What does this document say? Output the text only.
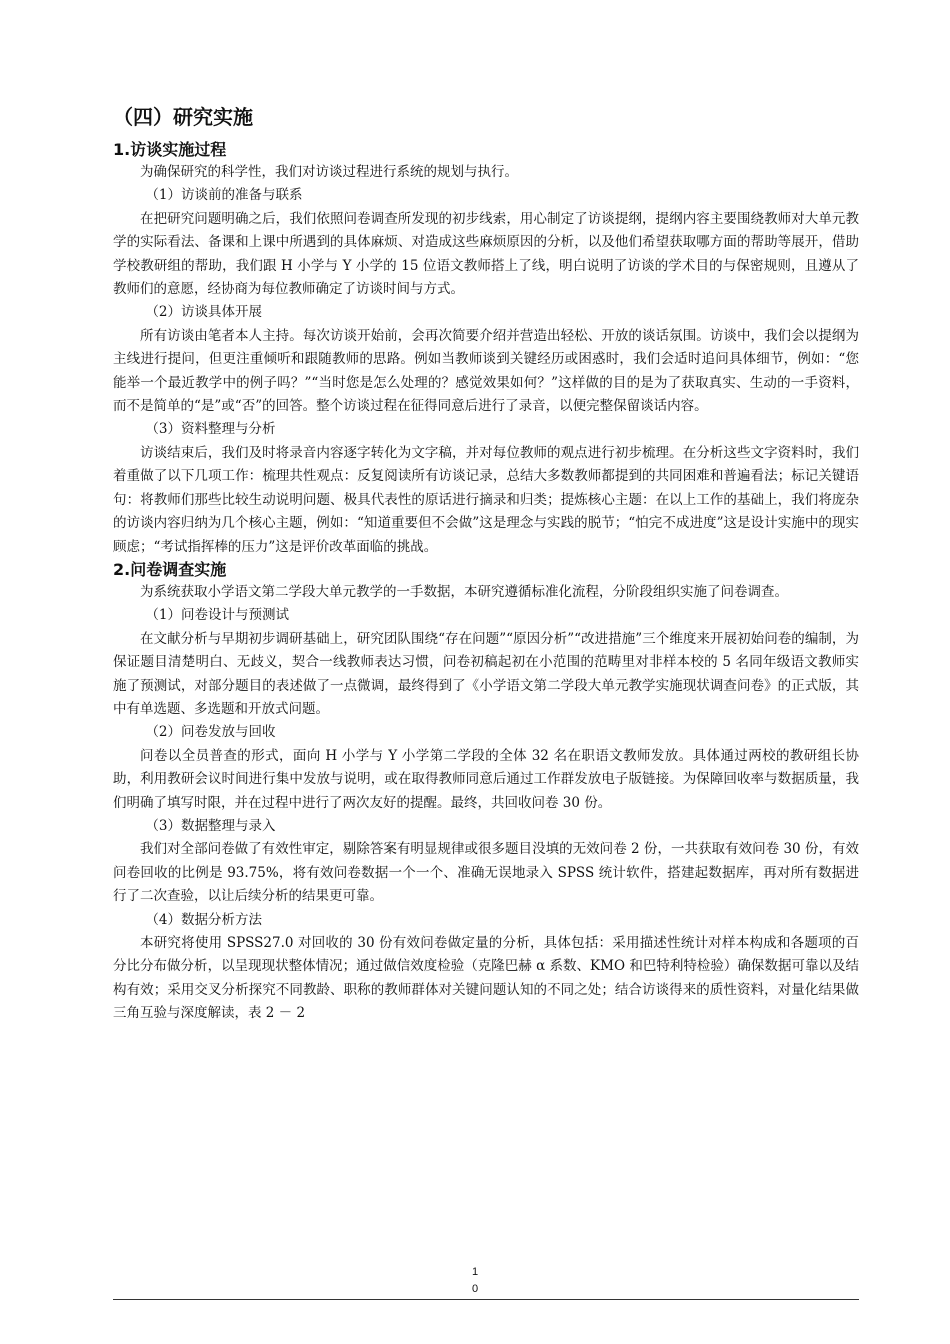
（四）研究实施
1.访谈实施过程

为确保研究的科学性，我们对访谈过程进行系统的规划与执行。

（1）访谈前的准备与联系

在把研究问题明确之后，我们依照问卷调查所发现的初步线索，用心制定了访谈提纲，提纲内容主要围绕教师对大单元教学的实际看法、备课和上课中所遇到的具体麻烦、对造成这些麻烦原因的分析，以及他们希望获取哪方面的帮助等展开，借助学校教研组的帮助，我们跟 H 小学与 Y 小学的 15 位语文教师搭上了线，明白说明了访谈的学术目的与保密规则，且遵从了教师们的意愿，经协商为每位教师确定了访谈时间与方式。

（2）访谈具体开展

所有访谈由笔者本人主持。每次访谈开始前，会再次简要介绍并营造出轻松、开放的谈话氛围。访谈中，我们会以提纲为主线进行提问，但更注重倾听和跟随教师的思路。例如当教师谈到关键经历或困惑时，我们会适时追问具体细节，例如：“您能举一个最近教学中的例子吗？”“当时您是怎么处理的？感觉效果如何？”这样做的目的是为了获取真实、生动的一手资料，而不是简单的“是”或“否”的回答。整个访谈过程在征得同意后进行了录音，以便完整保留谈话内容。

（3）资料整理与分析

访谈结束后，我们及时将录音内容逐字转化为文字稿，并对每位教师的观点进行初步梳理。在分析这些文字资料时，我们着重做了以下几项工作：梳理共性观点：反复阅读所有访谈记录，总结大多数教师都提到的共同困难和普遍看法；标记关键语句：将教师们那些比较生动说明问题、极具代表性的原话进行摘录和归类；提炼核心主题：在以上工作的基础上，我们将庞杂的访谈内容归纳为几个核心主题，例如：“知道重要但不会做”这是理念与实践的脱节；“怕完不成进度”这是设计实施中的现实顾虑；“考试指挥棒的压力”这是评价改革面临的挑战。

2.问卷调查实施

为系统获取小学语文第二学段大单元教学的一手数据，本研究遵循标准化流程，分阶段组织实施了问卷调查。

（1）问卷设计与预测试

在文献分析与早期初步调研基础上，研究团队围绕“存在问题”“原因分析”“改进措施”三个维度来开展初始问卷的编制，为保证题目清楚明白、无歧义，契合一线教师表达习惯，问卷初稿起初在小范围的范畴里对非样本校的 5 名同年级语文教师实施了预测试，对部分题目的表述做了一点微调，最终得到了《小学语文第二学段大单元教学实施现状调查问卷》的正式版，其中有单选题、多选题和开放式问题。

（2）问卷发放与回收

问卷以全员普查的形式，面向 H 小学与 Y 小学第二学段的全体 32 名在职语文教师发放。具体通过两校的教研组长协助，利用教研会议时间进行集中发放与说明，或在取得教师同意后通过工作群发放电子版链接。为保障回收率与数据质量，我们明确了填写时限，并在过程中进行了两次友好的提醒。最终，共回收问卷 30 份。

（3）数据整理与录入

我们对全部问卷做了有效性审定，剔除答案有明显规律或很多题目没填的无效问卷 2 份，一共获取有效问卷 30 份，有效问卷回收的比例是 93.75%，将有效问卷数据一个一个、准确无误地录入 SPSS 统计软件，搭建起数据库，再对所有数据进行了二次查验，以让后续分析的结果更可靠。

（4）数据分析方法

本研究将使用 SPSS27.0 对回收的 30 份有效问卷做定量的分析，具体包括：采用描述性统计对样本构成和各题项的百分比分布做分析，以呈现现状整体情况；通过做信效度检验（克隆巴赫 α 系数、KMO 和巴特利特检验）确保数据可靠以及结构有效；采用交叉分析探究不同教龄、职称的教师群体对关键问题认知的不同之处；结合访谈得来的质性资料，对量化结果做三角互验与深度解读，表 2 － 2

1
0
